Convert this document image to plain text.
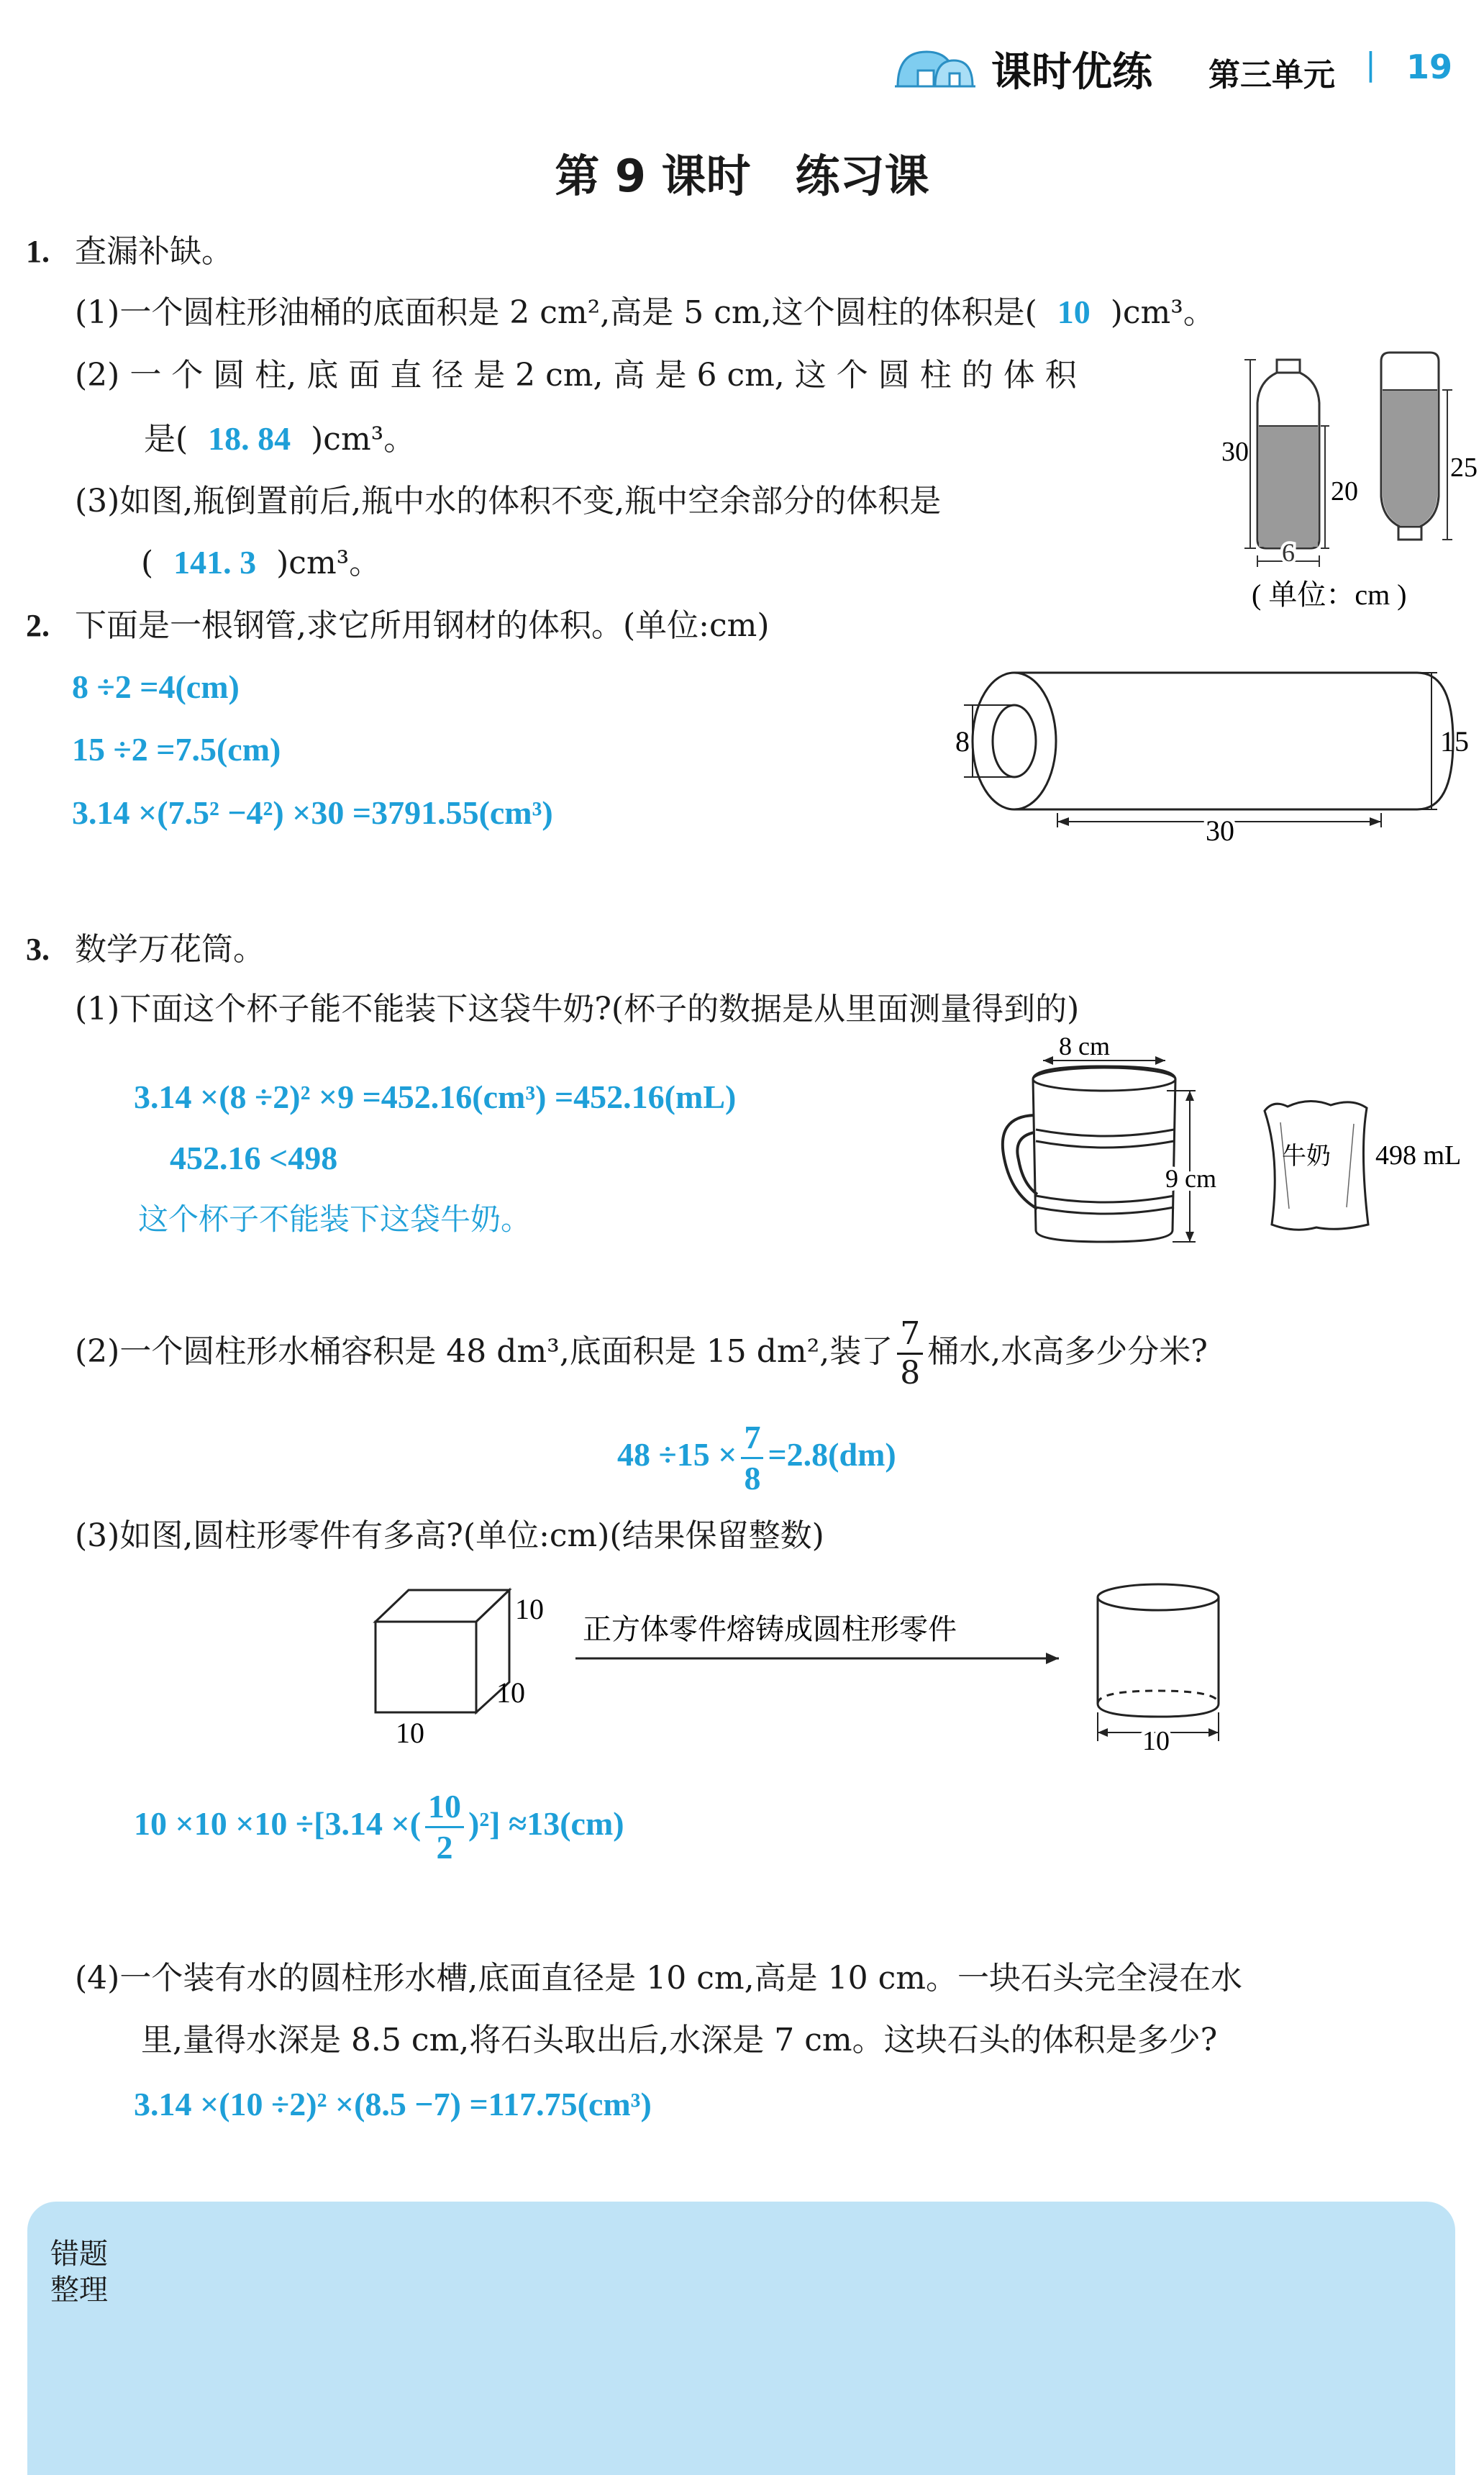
课时优练 第三单元 | 19
第 9 课时　练习课
1. 查漏补缺。
(1)一个圆柱形油桶的底面积是 2 cm²,高是 5 cm,这个圆柱的体积是( 10 )cm³。
(2) 一 个 圆 柱, 底 面 直 径 是 2 cm, 高 是 6 cm, 这 个 圆 柱 的 体 积
是( 18. 84 )cm³。
(3)如图,瓶倒置前后,瓶中水的体积不变,瓶中空余部分的体积是
( 141. 3 )cm³。
30
20
6
25
( 单位：cm )
2. 下面是一根钢管,求它所用钢材的体积。(单位:cm)
8 ÷2 =4(cm)
15 ÷2 =7.5(cm)
3.14 ×(7.5² −4²) ×30 =3791.55(cm³)
8	15
30
3. 数学万花筒。
(1)下面这个杯子能不能装下这袋牛奶?(杯子的数据是从里面测量得到的)
3.14 ×(8 ÷2)² ×9 =452.16(cm³) =452.16(mL)
452.16 <498
这个杯子不能装下这袋牛奶。
8 cm
9 cm
牛奶 498 mL
(2)一个圆柱形水桶容积是 48 dm³,底面积是 15 dm²,装了 $\frac{7}{8}$ 桶水,水高多少分米?
$48 \div 15 \times \frac{7}{8} =2.8(dm)$
(3)如图,圆柱形零件有多高?(单位:cm)(结果保留整数)
10
10
10
正方体零件熔铸成圆柱形零件
10
10 ×10 ×10 ÷[3.14 ×( $\frac{10}{2} )^2] \approx 13(cm)$
(4)一个装有水的圆柱形水槽,底面直径是 10 cm,高是 10 cm。一块石头完全浸在水
里,量得水深是 8.5 cm,将石头取出后,水深是 7 cm。这块石头的体积是多少?
3.14 ×(10 ÷2)² ×(8.5 −7) =117.75(cm³)
错题
整理
